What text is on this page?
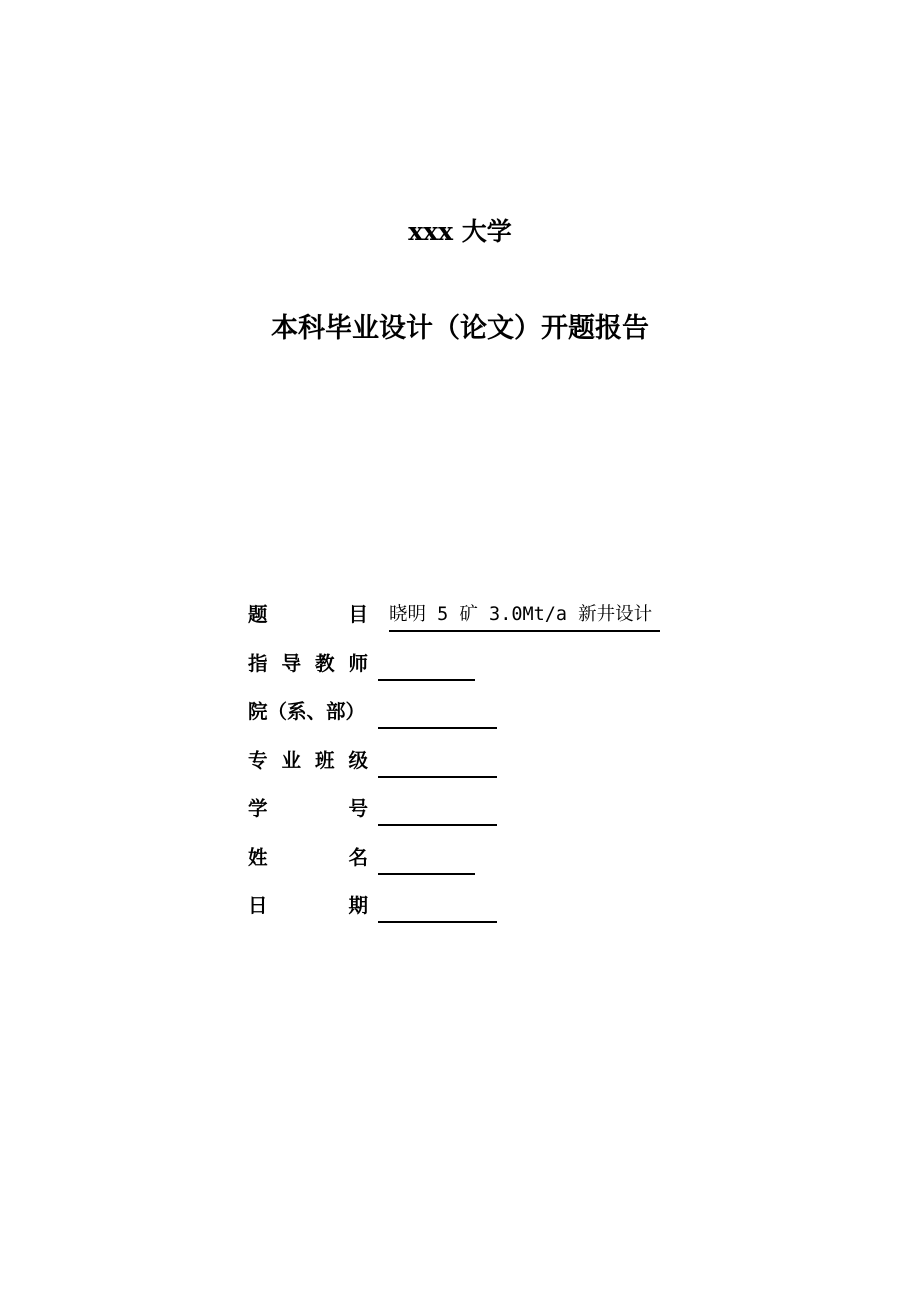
xxx 大学
本科毕业设计（论文）开题报告
题	目 晓明 5 矿 3.0Mt/a 新井设计
指 导 教 师
院（系、部）
专 业 班 级
学	号
姓	名
日	期
